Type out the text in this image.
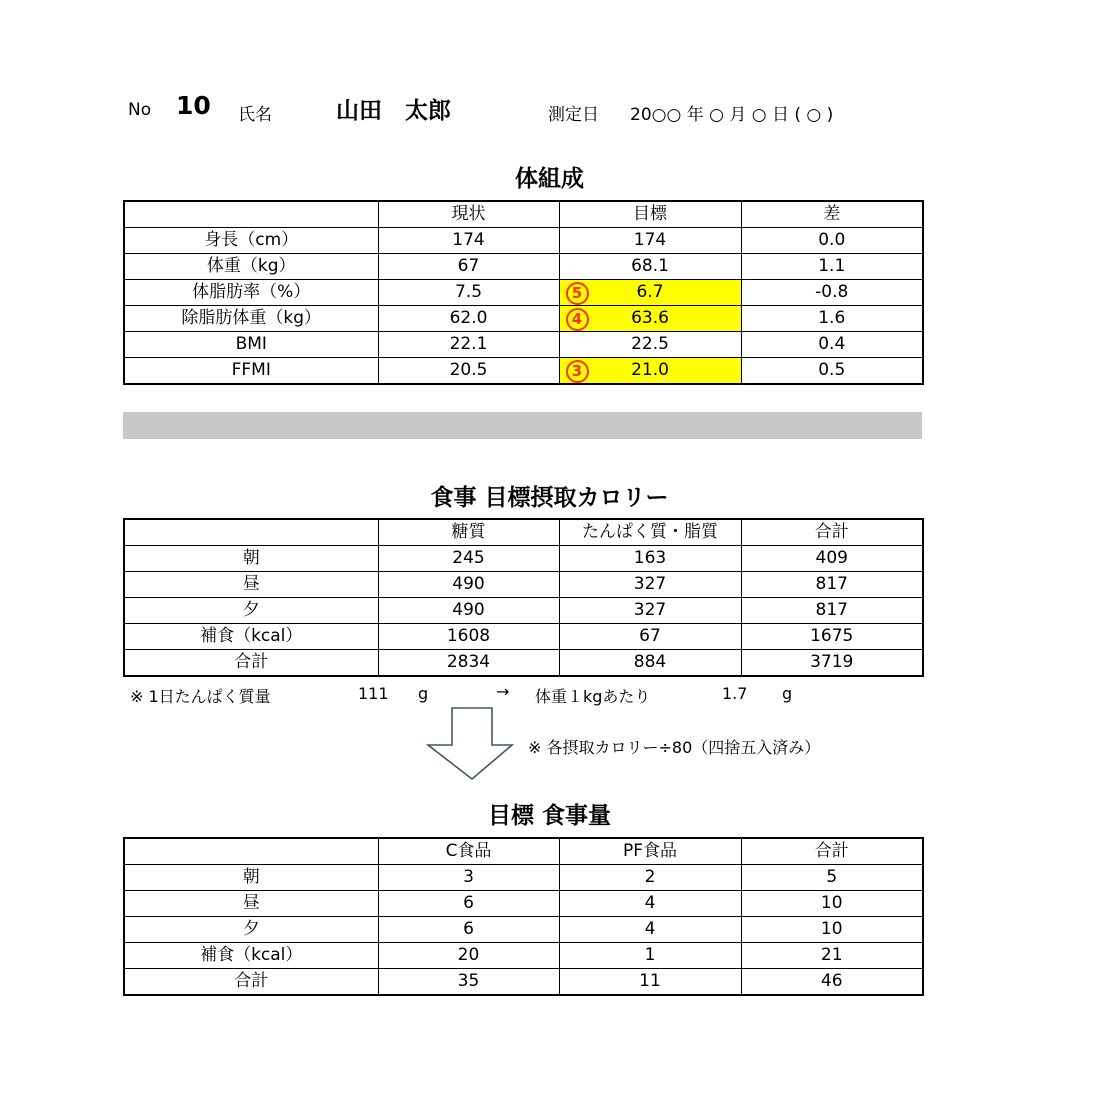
No 10 氏名	山田　太郎	測定日 20○○ 年 ○ 月 ○ 日 ( ○ )
体組成
	現状	目標	差
身長（cm）	174	174	0.0
体重（kg）	67	68.1	1.1
体脂肪率（%）	7.5	5 6.7	-0.8
除脂肪体重（kg）	62.0	4 63.6	1.6
BMI	22.1	22.5	0.4
FFMI	20.5	3 21.0	0.5
食事 目標摂取カロリー
	糖質	たんぱく質・脂質	合計
朝	245	163	409
昼	490	327	817
夕	490	327	817
補食（kcal）	1608	67	1675
合計	2834	884	3719
※ 1日たんぱく質量	111 g	→ 体重１kgあたり	1.7 g
※ 各摂取カロリー÷80（四捨五入済み）
目標 食事量
	C食品	PF食品	合計
朝	3	2	5
昼	6	4	10
夕	6	4	10
補食（kcal）	20	1	21
合計	35	11	46
